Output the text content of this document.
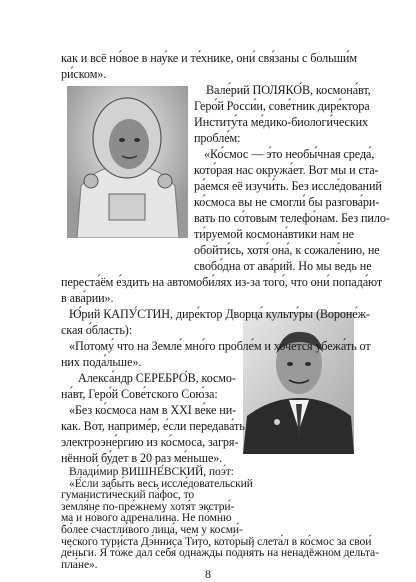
как и всё но́вое в нау́ке и те́хнике, они́ свя́заны с больши́м
ри́ском».
Вале́рий ПОЛЯКО́В, космона́вт,
Геро́й Росси́и, сове́тник дире́ктора
Институ́та ме́дико-биологи́ческих
пробле́м:
«Ко́смос — э́то необы́чная среда́,
кото́рая нас окружа́ет. Вот мы и ста-
ра́емся её изучи́ть. Без иссле́дований
ко́смоса вы не смогли́ бы разгова́ри-
вать по со́товым телефо́нам. Без пило-
ти́руемой космона́втики нам не
обойти́сь, хотя́ она́, к сожале́нию, не
свобо́дна от ава́рий. Но мы ведь не
переста́ём е́здить на автомоби́лях из-за того́, что они́ попада́ют
в ава́рии».
Ю́рий КАПУ́СТИН, дире́ктор Дворца́ культу́ры (Вороне́ж-
ская о́бласть):
«Потому́ что на Земле́ мно́го пробле́м и хо́чется убежа́ть от
них пода́льше».
Алекса́ндр СЕРЕБРО́В, космо-
на́вт, Геро́й Сове́тского Сою́за:
«Без ко́смоса нам в XXI ве́ке ни-
как. Вот, наприме́р, е́сли передава́ть
электроэне́ргию из ко́смоса, загря-
нённой бу́дет в 20 раз ме́ньше».
Влади́мир ВИШНЕ́ВСКИЙ, поэ́т:
«Е́сли забы́ть весь иссле́довательский
гуманисти́ческий па́фос, то
земля́не по-пре́жнему хотя́т экстри́-
ма и но́вого адренали́на. Не по́мню
бо́лее счастли́вого лица́, чем у косми́-
ческого тури́ста Дэ́нниса Ти́то, кото́рый слета́л в ко́смос за свои́
8
де́ньги. Я то́же дал себя́ одна́жды подня́ть на ненадёжном дельта-
пла́не».
